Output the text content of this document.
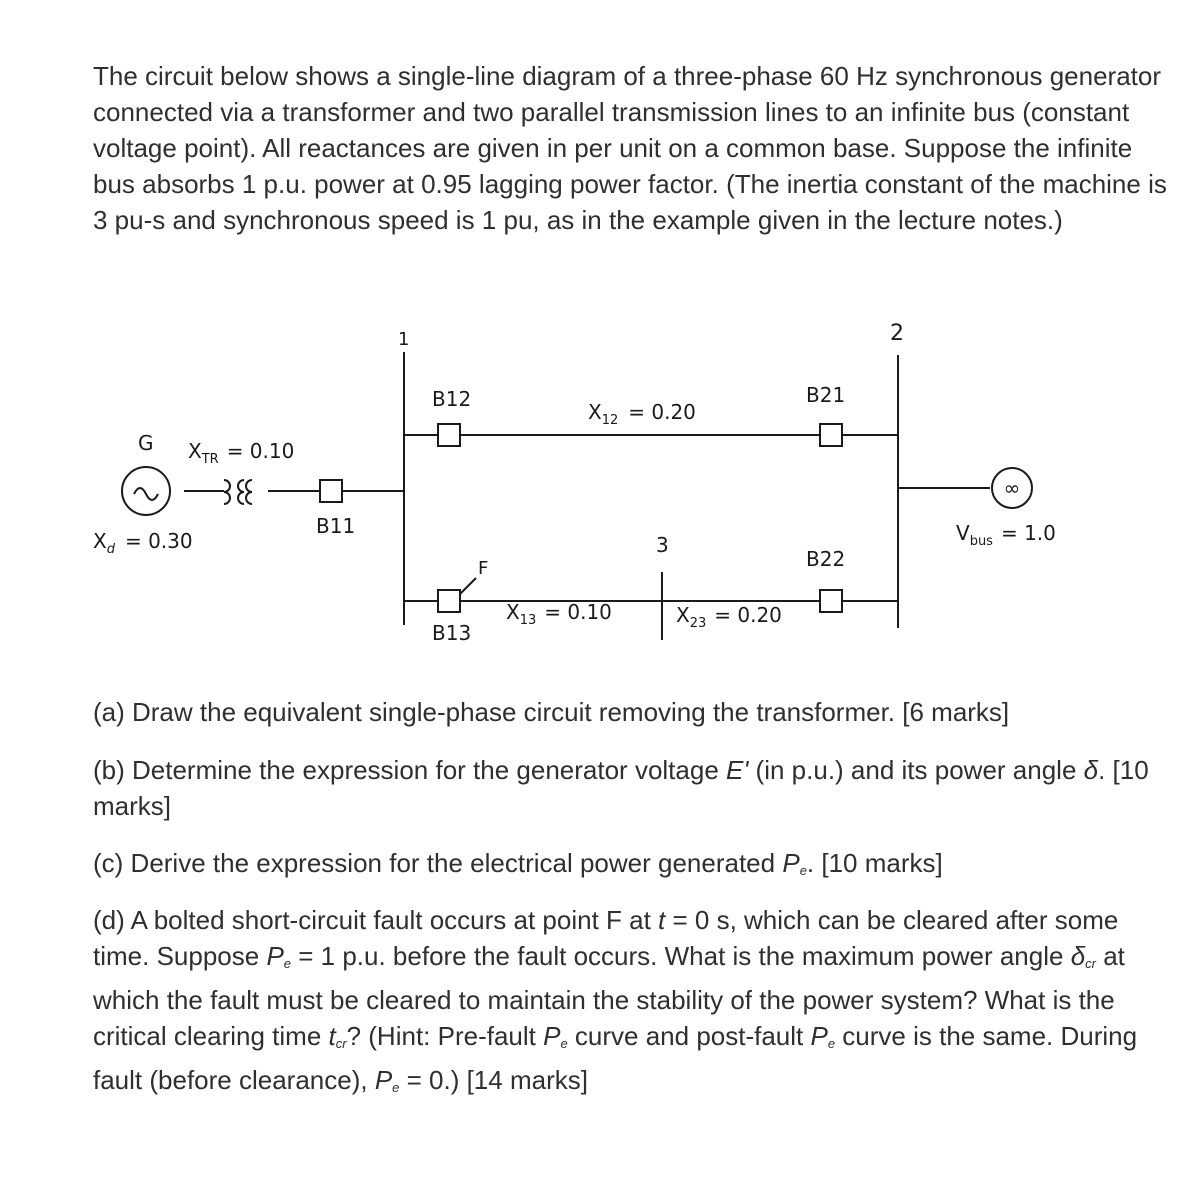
The circuit below shows a single-line diagram of a three-phase 60 Hz synchronous generator connected via a transformer and two parallel transmission lines to an infinite bus (constant voltage point). All reactances are given in per unit on a common base. Suppose the infinite bus absorbs 1 p.u. power at 0.95 lagging power factor. (The inertia constant of the machine is 3 pu-s and synchronous speed is 1 pu, as in the example given in the lecture notes.)

∞
1	2
3
G $X_{TR} = 0.10$
$X_d = 0.30$
B11
B12
B13
B21
B22
F
$X_{12} = 0.20$
$X_{13} = 0.10$	$X_{23} = 0.20$
$V_{bus} = 1.0$

(a) Draw the equivalent single-phase circuit removing the transformer. [6 marks]

(b) Determine the expression for the generator voltage E' (in p.u.) and its power angle δ. [10 marks]

(c) Derive the expression for the electrical power generated Pe. [10 marks]

(d) A bolted short-circuit fault occurs at point F at t = 0 s, which can be cleared after some time. Suppose Pe = 1 p.u. before the fault occurs. What is the maximum power angle δcr at which the fault must be cleared to maintain the stability of the power system? What is the critical clearing time tcr? (Hint: Pre-fault Pe curve and post-fault Pe curve is the same. During fault (before clearance), Pe = 0.) [14 marks]
